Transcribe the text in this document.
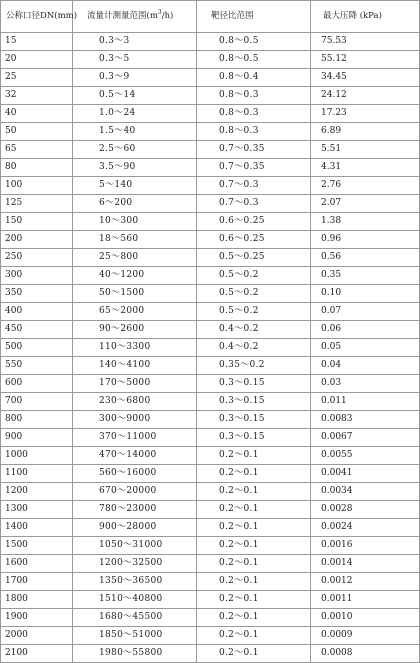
公称口径DN(mm)	流量计测量范围$(m^3/h)$	靶径比范围	最大压降 (kPa)
15	0.3～3	0.8～0.5	75.53
20	0.3～5	0.8～0.5	55.12
25	0.3～9	0.8～0.4	34.45
32	0.5～14	0.8～0.3	24.12
40	1.0～24	0.8～0.3	17.23
50	1.5～40	0.8～0.3	6.89
65	2.5～60	0.7～0.35	5.51
80	3.5～90	0.7～0.35	4.31
100	5～140	0.7～0.3	2.76
125	6～200	0.7～0.3	2.07
150	10～300	0.6～0.25	1.38
200	18～560	0.6～0.25	0.96
250	25～800	0.5～0.25	0.56
300	40～1200	0.5～0.2	0.35
350	50～1500	0.5～0.2	0.10
400	65～2000	0.5～0.2	0.07
450	90～2600	0.4～0.2	0.06
500	110～3300	0.4～0.2	0.05
550	140～4100	0.35～0.2	0.04
600	170～5000	0.3～0.15	0.03
700	230～6800	0.3～0.15	0.011
800	300～9000	0.3～0.15	0.0083
900	370～11000	0.3～0.15	0.0067
1000	470～14000	0.2～0.1	0.0055
1100	560～16000	0.2～0.1	0.0041
1200	670～20000	0.2～0.1	0.0034
1300	780～23000	0.2～0.1	0.0028
1400	900～28000	0.2～0.1	0.0024
1500	1050～31000	0.2～0.1	0.0016
1600	1200～32500	0.2～0.1	0.0014
1700	1350～36500	0.2～0.1	0.0012
1800	1510～40800	0.2～0.1	0.0011
1900	1680～45500	0.2～0.1	0.0010
2000	1850～51000	0.2～0.1	0.0009
2100	1980～55800	0.2～0.1	0.0008
